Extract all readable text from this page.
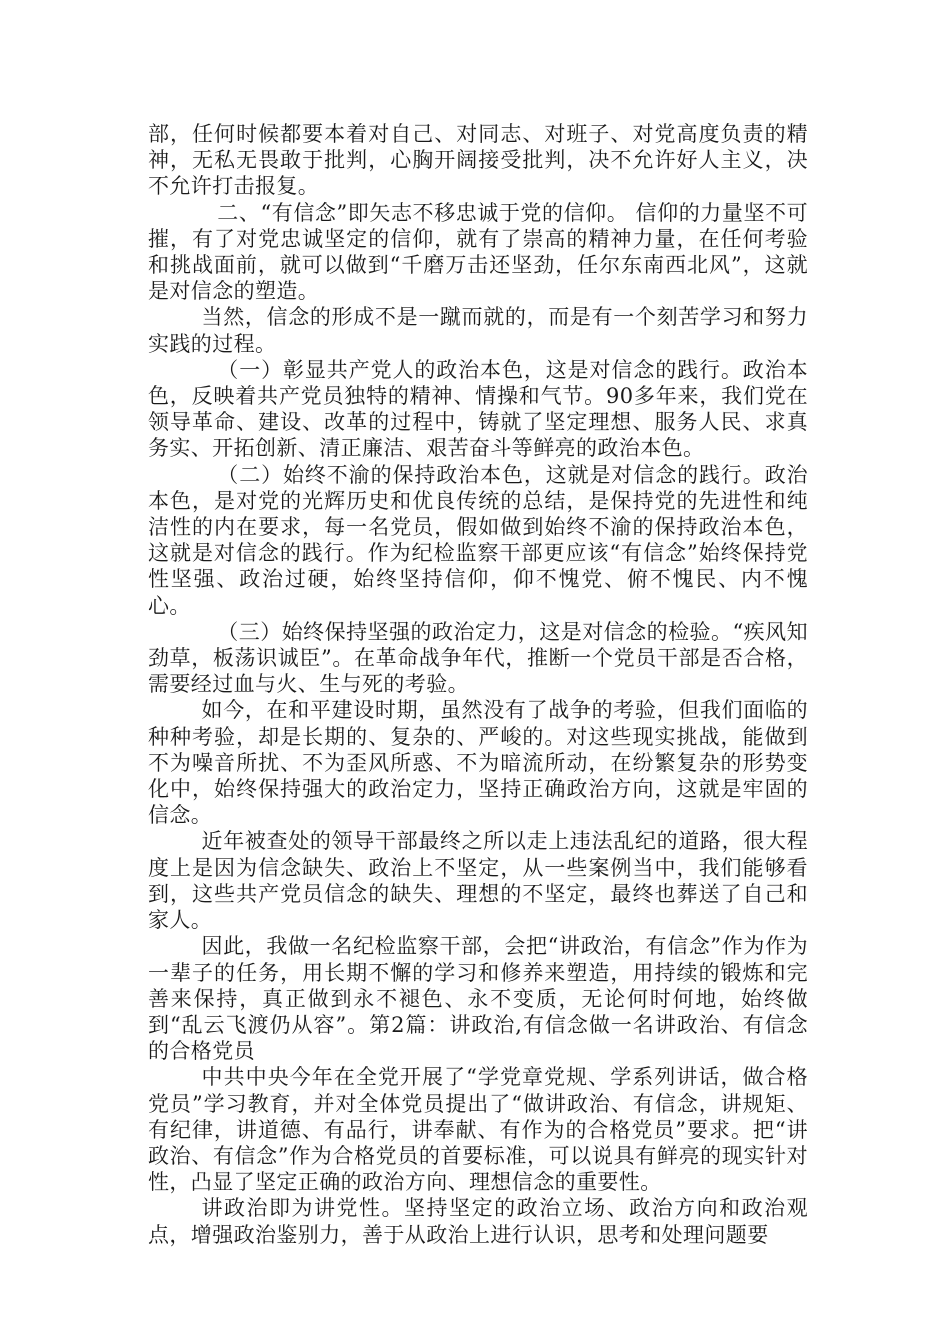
部，任何时候都要本着对自己、对同志、对班子、对党高度负责的精神，无私无畏敢于批判，心胸开阔接受批判，决不允许好人主义，决不允许打击报复。

二、“有信念”即矢志不移忠诚于党的信仰。 信仰的力量坚不可摧，有了对党忠诚坚定的信仰，就有了崇高的精神力量，在任何考验和挑战面前，就可以做到“千磨万击还坚劲，任尔东南西北风”，这就是对信念的塑造。

当然，信念的形成不是一蹴而就的，而是有一个刻苦学习和努力实践的过程。

（一）彰显共产党人的政治本色，这是对信念的践行。政治本色，反映着共产党员独特的精神、情操和气节。90多年来，我们党在领导革命、建设、改革的过程中，铸就了坚定理想、服务人民、求真务实、开拓创新、清正廉洁、艰苦奋斗等鲜亮的政治本色。

（二）始终不渝的保持政治本色，这就是对信念的践行。政治本色，是对党的光辉历史和优良传统的总结，是保持党的先进性和纯洁性的内在要求，每一名党员，假如做到始终不渝的保持政治本色，这就是对信念的践行。作为纪检监察干部更应该“有信念”始终保持党性坚强、政治过硬，始终坚持信仰，仰不愧党、俯不愧民、内不愧心。

（三）始终保持坚强的政治定力，这是对信念的检验。“疾风知劲草，板荡识诚臣”。在革命战争年代，推断一个党员干部是否合格，需要经过血与火、生与死的考验。

如今，在和平建设时期，虽然没有了战争的考验，但我们面临的种种考验，却是长期的、复杂的、严峻的。对这些现实挑战，能做到不为噪音所扰、不为歪风所惑、不为暗流所动，在纷繁复杂的形势变化中，始终保持强大的政治定力，坚持正确政治方向，这就是牢固的信念。

近年被查处的领导干部最终之所以走上违法乱纪的道路，很大程度上是因为信念缺失、政治上不坚定，从一些案例当中，我们能够看到，这些共产党员信念的缺失、理想的不坚定，最终也葬送了自己和家人。

因此，我做一名纪检监察干部，会把“讲政治，有信念”作为作为一辈子的任务，用长期不懈的学习和修养来塑造，用持续的锻炼和完善来保持，真正做到永不褪色、永不变质，无论何时何地，始终做到“乱云飞渡仍从容”。第2篇：讲政治,有信念做一名讲政治、有信念的合格党员

中共中央今年在全党开展了“学党章党规、学系列讲话，做合格党员”学习教育，并对全体党员提出了“做讲政治、有信念，讲规矩、有纪律，讲道德、有品行，讲奉献、有作为的合格党员”要求。把“讲政治、有信念”作为合格党员的首要标准，可以说具有鲜亮的现实针对性，凸显了坚定正确的政治方向、理想信念的重要性。

讲政治即为讲党性。坚持坚定的政治立场、政治方向和政治观点，增强政治鉴别力，善于从政治上进行认识，思考和处理问题要
